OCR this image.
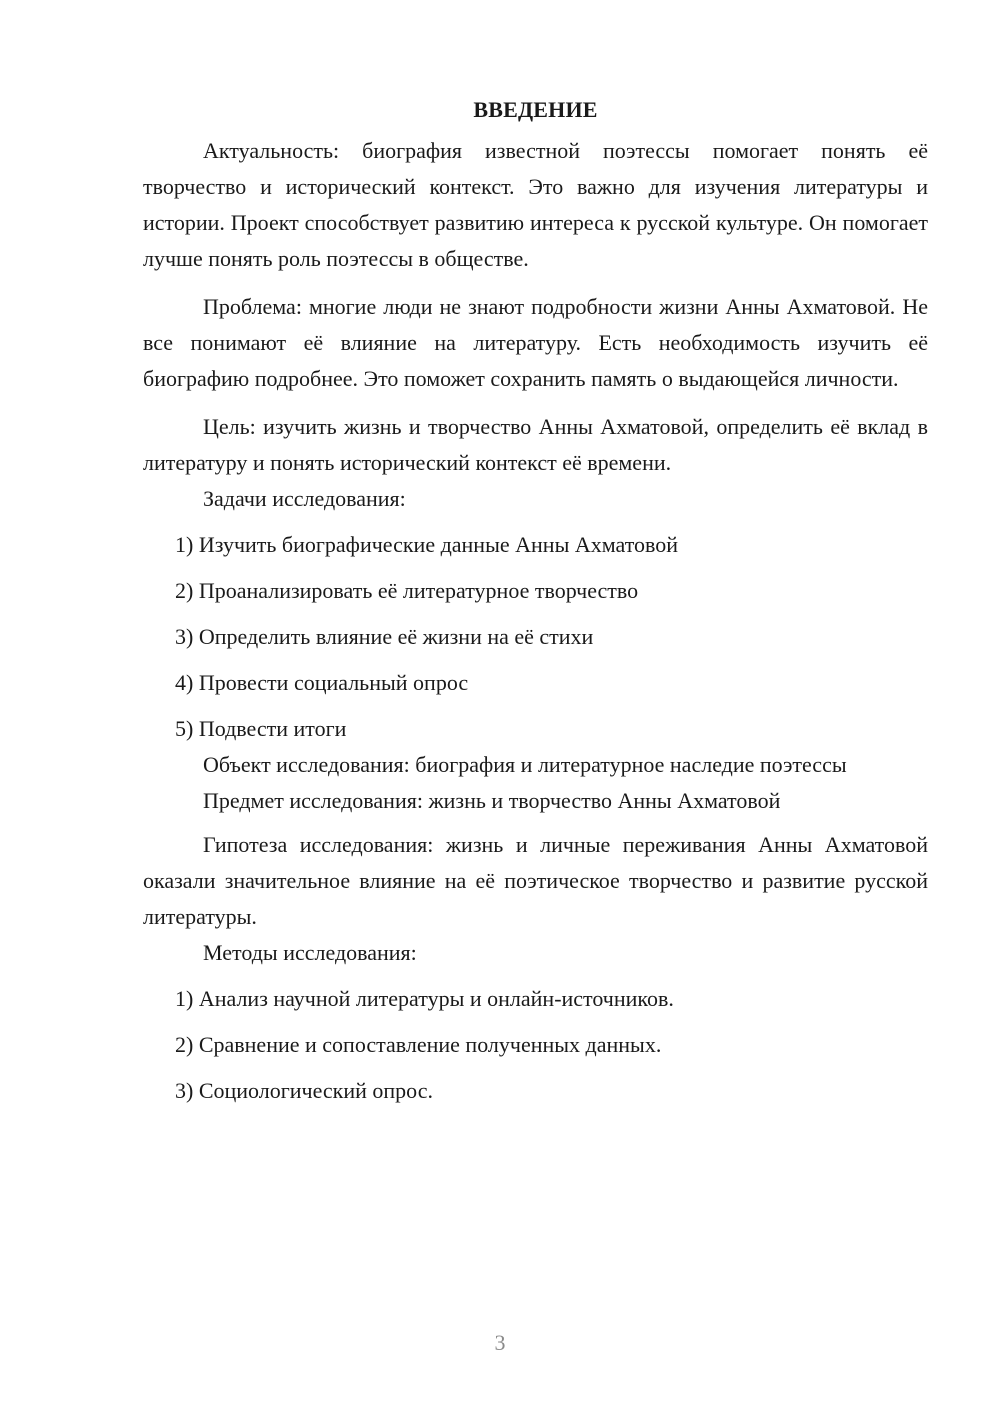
ВВЕДЕНИЕ

Актуальность: биография известной поэтессы помогает понять её творчество и исторический контекст. Это важно для изучения литературы и истории. Проект способствует развитию интереса к русской культуре. Он помогает лучше понять роль поэтессы в обществе.

Проблема: многие люди не знают подробности жизни Анны Ахматовой. Не все понимают её влияние на литературу. Есть необходимость изучить её биографию подробнее. Это поможет сохранить память о выдающейся личности.

Цель: изучить жизнь и творчество Анны Ахматовой, определить её вклад в литературу и понять исторический контекст её времени.

Задачи исследования:

1) Изучить биографические данные Анны Ахматовой

2) Проанализировать её литературное творчество

3) Определить влияние её жизни на её стихи

4) Провести социальный опрос

5) Подвести итоги

Объект исследования: биография и литературное наследие поэтессы

Предмет исследования: жизнь и творчество Анны Ахматовой

Гипотеза исследования: жизнь и личные переживания Анны Ахматовой оказали значительное влияние на её поэтическое творчество и развитие русской литературы.

Методы исследования:

1) Анализ научной литературы и онлайн-источников.

2) Сравнение и сопоставление полученных данных.

3) Социологический опрос.

3
